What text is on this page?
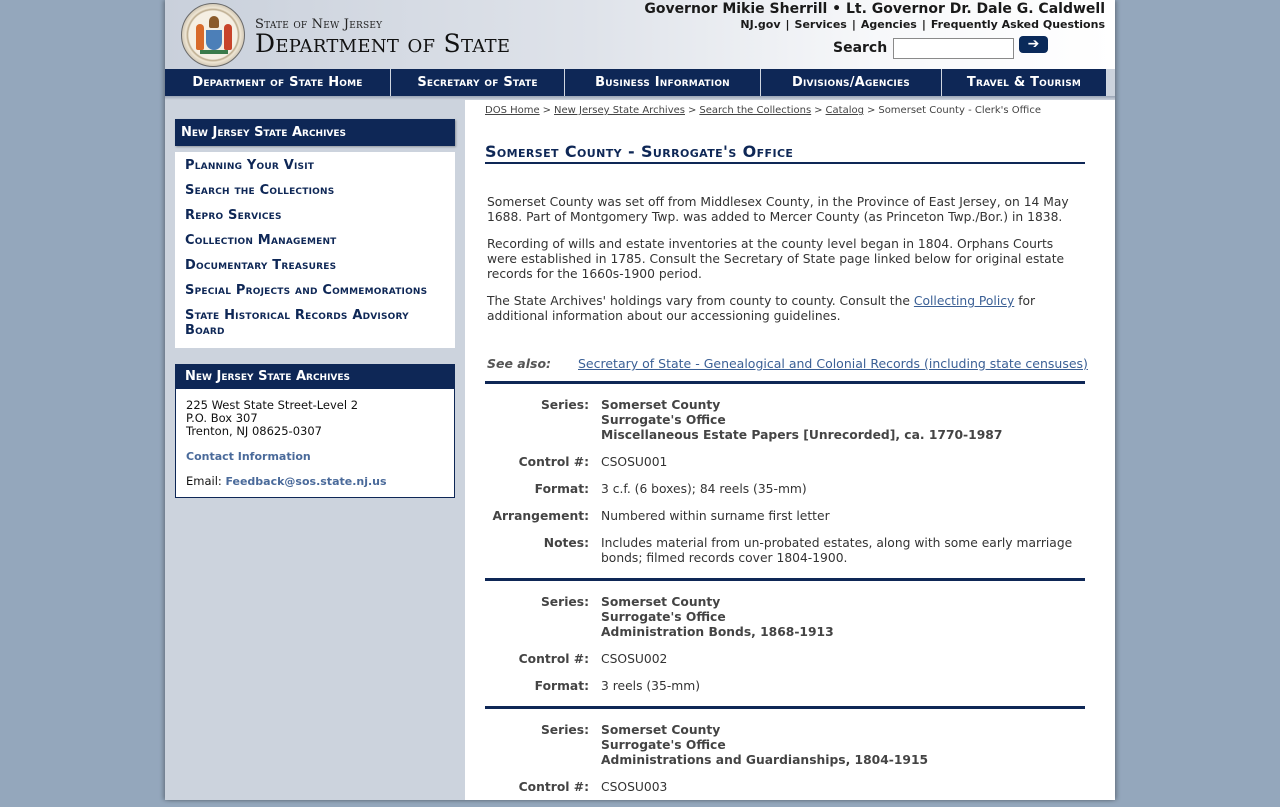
State of New Jersey
Department of State
Governor Mikie Sherrill • Lt. Governor Dr. Dale G. Caldwell
NJ.gov | Services | Agencies | Frequently Asked Questions
Search	➔
Department of State Home	Secretary of State	Business Information	Divisions/Agencies	Travel & Tourism
New Jersey State Archives
Planning Your Visit
Search the Collections
Repro Services
Collection Management
Documentary Treasures
Special Projects and Commemorations
State Historical Records Advisory Board
New Jersey State Archives
225 West State Street-Level 2
P.O. Box 307
Trenton, NJ 08625-0307
Contact Information
Email: Feedback@sos.state.nj.us
DOS Home > New Jersey State Archives > Search the Collections > Catalog > Somerset County - Clerk's Office
Somerset County - Surrogate's Office

Somerset County was set off from Middlesex County, in the Province of East Jersey, on 14 May 1688. Part of Montgomery Twp. was added to Mercer County (as Princeton Twp./Bor.) in 1838.

Recording of wills and estate inventories at the county level began in 1804. Orphans Courts were established in 1785. Consult the Secretary of State page linked below for original estate records for the 1660s-1900 period.

The State Archives' holdings vary from county to county. Consult the Collecting Policy for additional information about our accessioning guidelines.

See also: Secretary of State - Genealogical and Colonial Records (including state censuses)
Series: Somerset County
Surrogate's Office
Miscellaneous Estate Papers [Unrecorded], ca. 1770-1987
Control #: CSOSU001
Format: 3 c.f. (6 boxes); 84 reels (35-mm)
Arrangement: Numbered within surname first letter
Notes: Includes material from un-probated estates, along with some early marriage bonds; filmed records cover 1804-1900.
Series: Somerset County
Surrogate's Office
Administration Bonds, 1868-1913
Control #: CSOSU002
Format: 3 reels (35-mm)
Series: Somerset County
Surrogate's Office
Administrations and Guardianships, 1804-1915
Control #: CSOSU003
